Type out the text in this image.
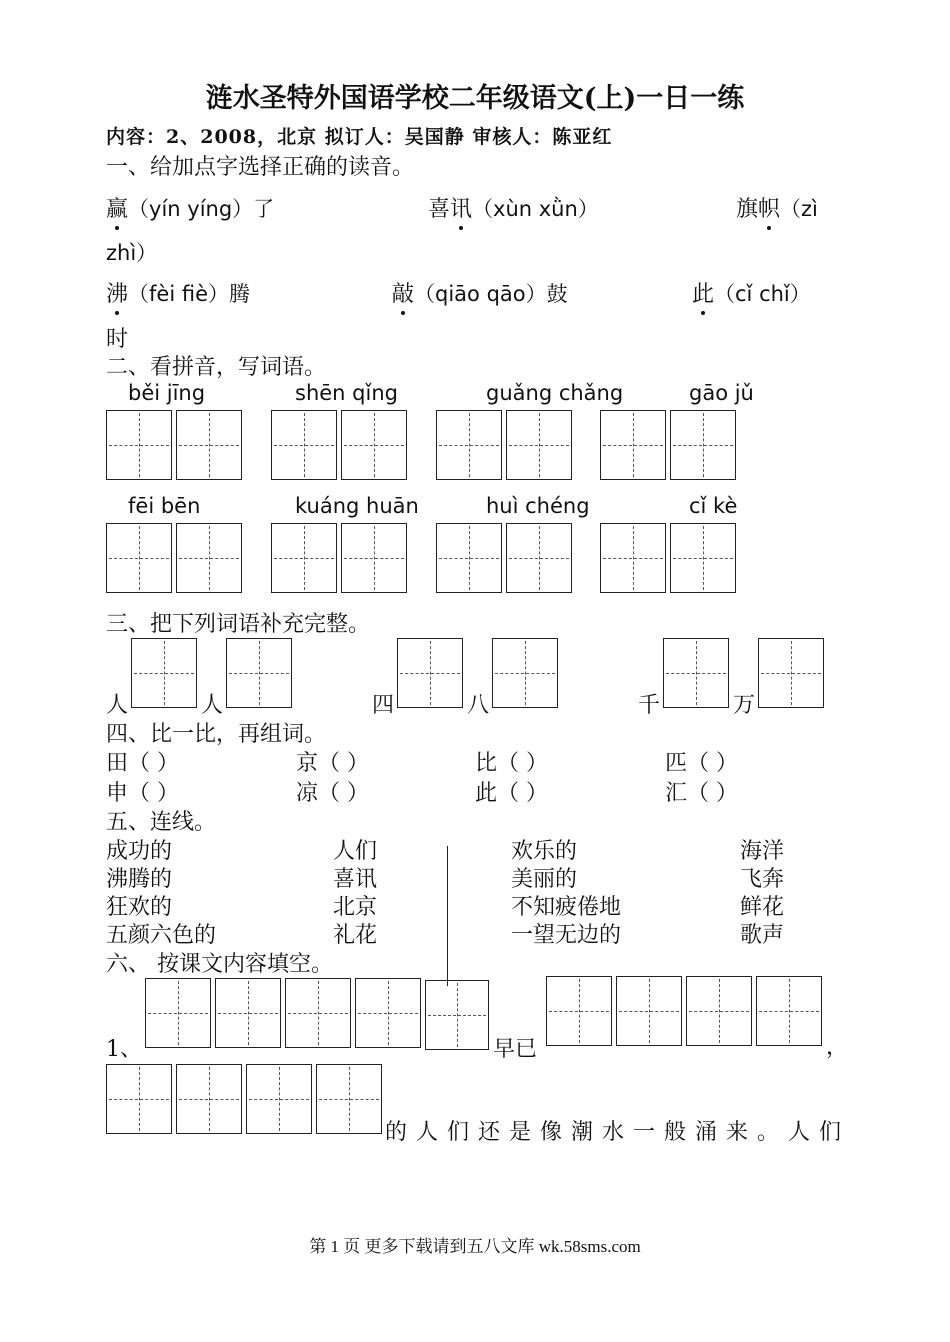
涟水圣特外国语学校二年级语文(上)一日一练
内容：2、2008，北京 拟订人：吴国静 审核人：陈亚红
一、给加点字选择正确的读音。
赢（yín yíng）了	喜讯（xùn xǜn）	旗帜（zì
zhì）
沸（fèi fiè）腾	敲（qiāo qāo）鼓	此（cǐ chǐ）
时
二、看拼音，写词语。
běi jīng	shēn qǐng	guǎng chǎng	gāo jǔ
fēi bēn	kuáng huān	huì chéng	cǐ kè
三、把下列词语补充完整。
人	人	四	八	千	万
四、比一比，再组词。
田（ ）	京（ ）	比（ ）	匹（ ）
申（ ）	凉（ ）	此（ ）	汇（ ）
五、连线。
成功的	人们	欢乐的	海洋
沸腾的	喜讯	美丽的	飞奔
狂欢的	北京	不知疲倦地	鲜花
五颜六色的	礼花	一望无边的	歌声
六、 按课文内容填空。
1、	早已	，
的人们还是像潮水一般涌来。人们
第 1 页 更多下载请到五八文库 wk.58sms.com
